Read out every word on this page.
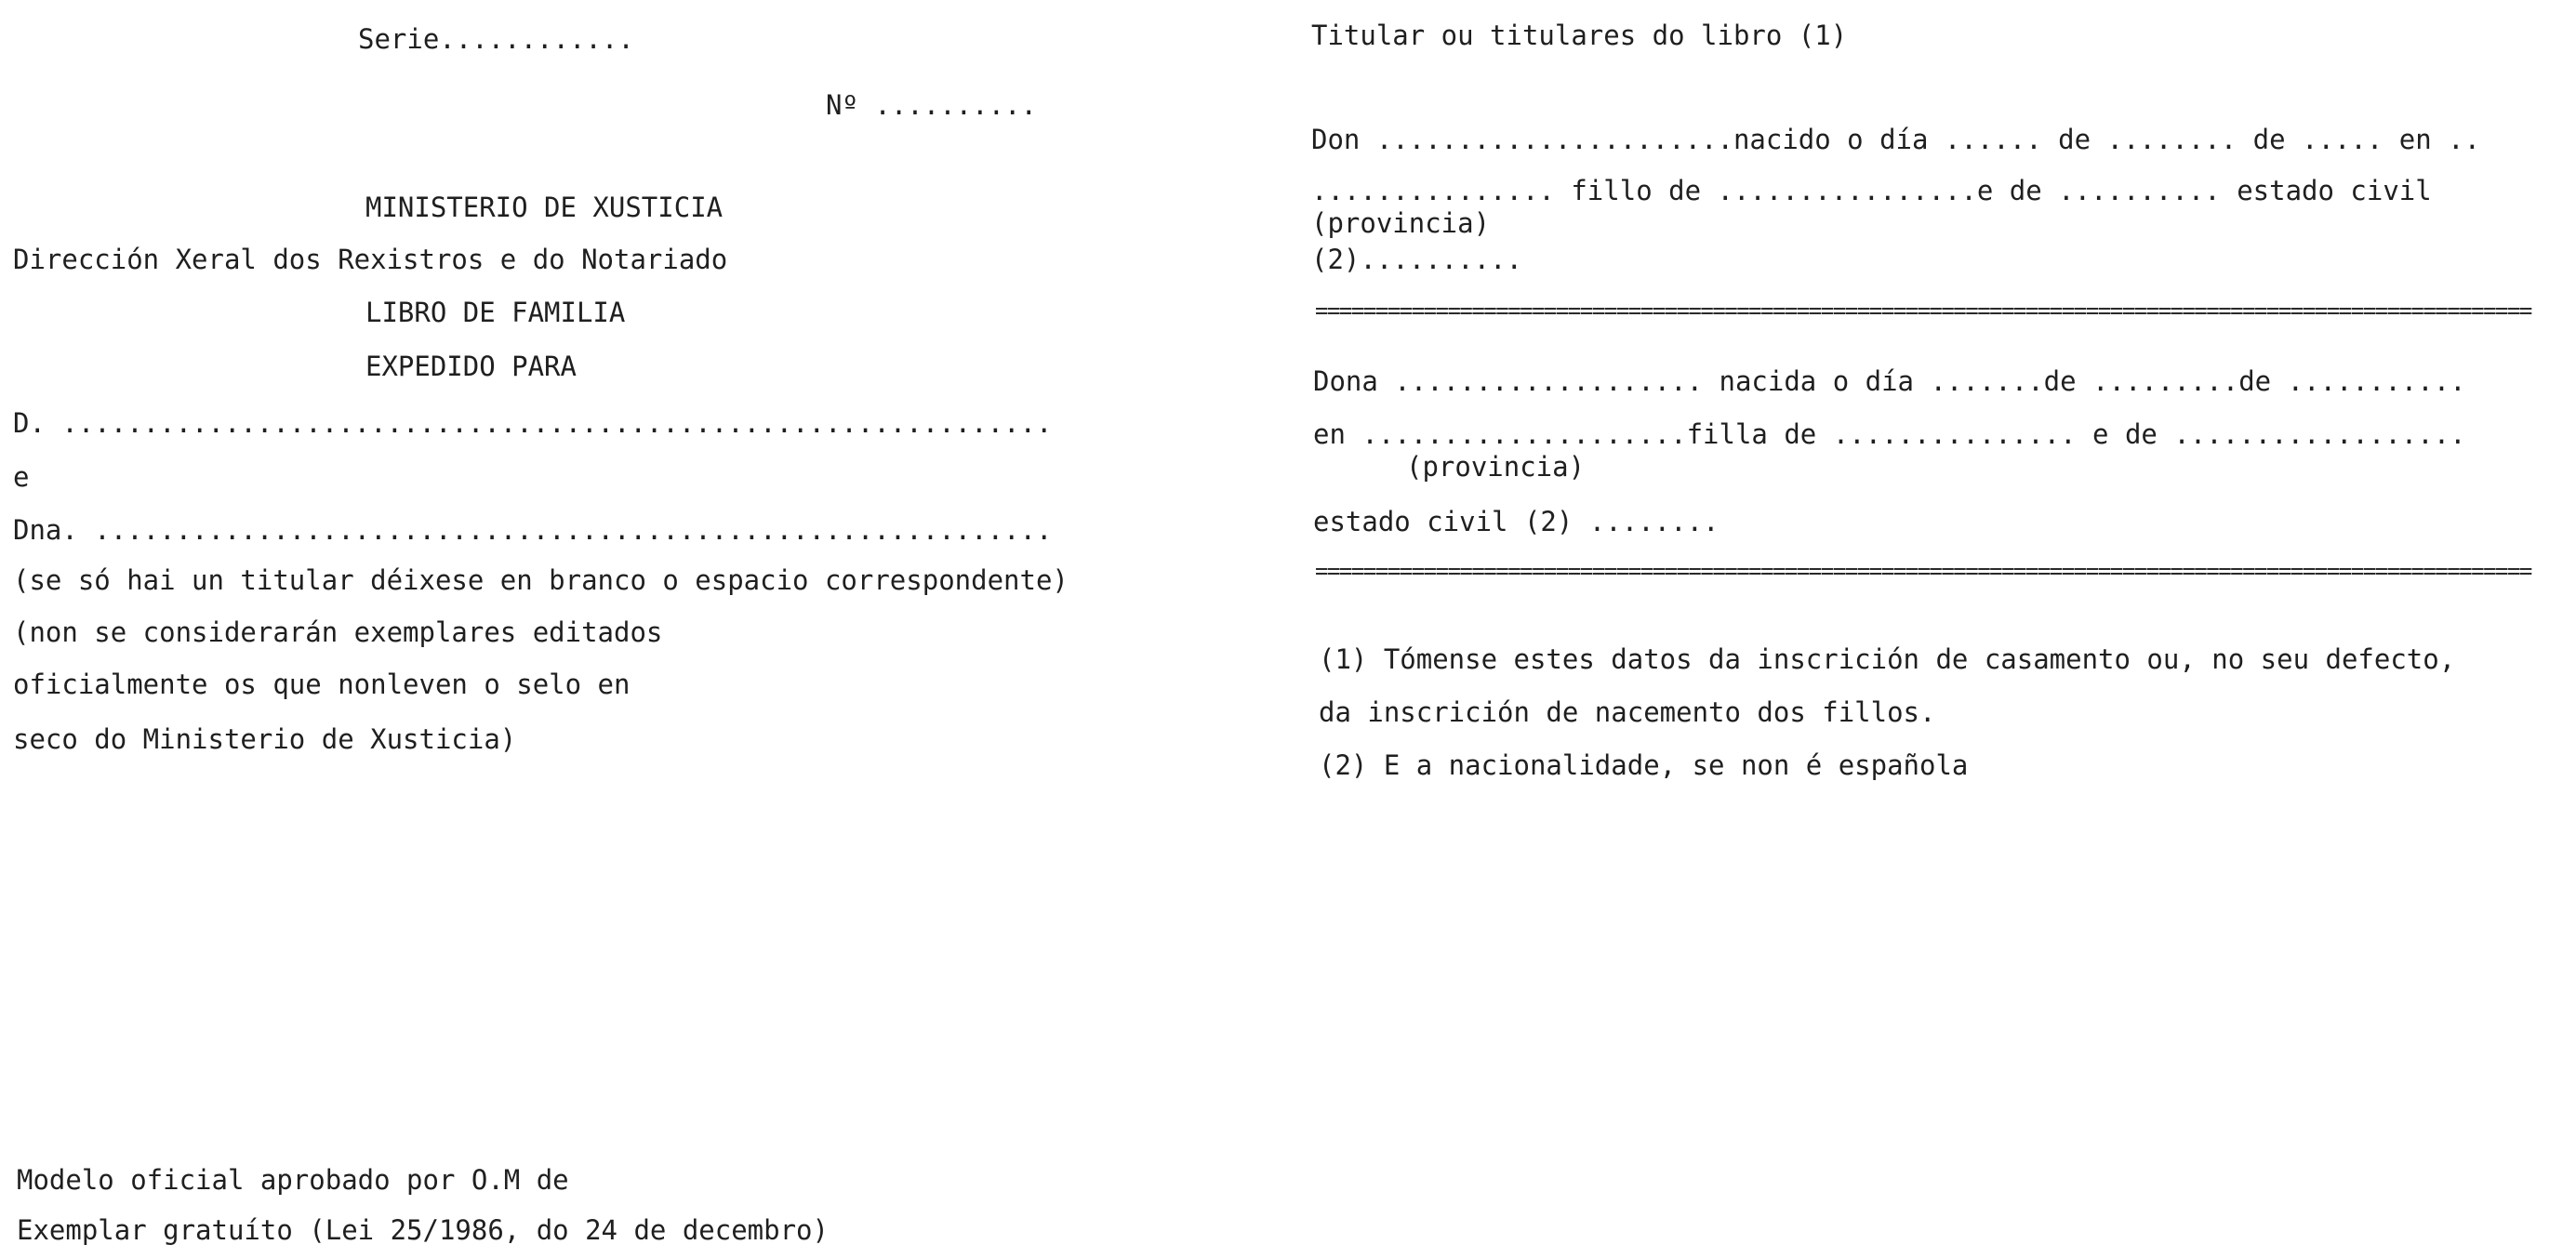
Serie............
Nº ..........
MINISTERIO DE XUSTICIA
Dirección Xeral dos Rexistros e do Notariado
LIBRO DE FAMILIA
EXPEDIDO PARA
D. .............................................................
e
Dna. ...........................................................
(se só hai un titular déixese en branco o espacio correspondente)
(non se considerarán exemplares editados
oficialmente os que nonleven o selo en
seco do Ministerio de Xusticia)
Modelo oficial aprobado por O.M de
Exemplar gratuíto (Lei 25/1986, do 24 de decembro)
Titular ou titulares do libro (1)
Don ......................nacido o día ...... de ........ de ..... en ..
............... fillo de ................e de .......... estado civil
(provincia)
(2)..........
=====================================================================================================
Dona ................... nacida o día .......de .........de ...........
en ....................filla de ............... e de ..................
(provincia)
estado civil (2) ........
=====================================================================================================
(1) Tómense estes datos da inscrición de casamento ou, no seu defecto,
da inscrición de nacemento dos fillos.
(2) E a nacionalidade, se non é española
